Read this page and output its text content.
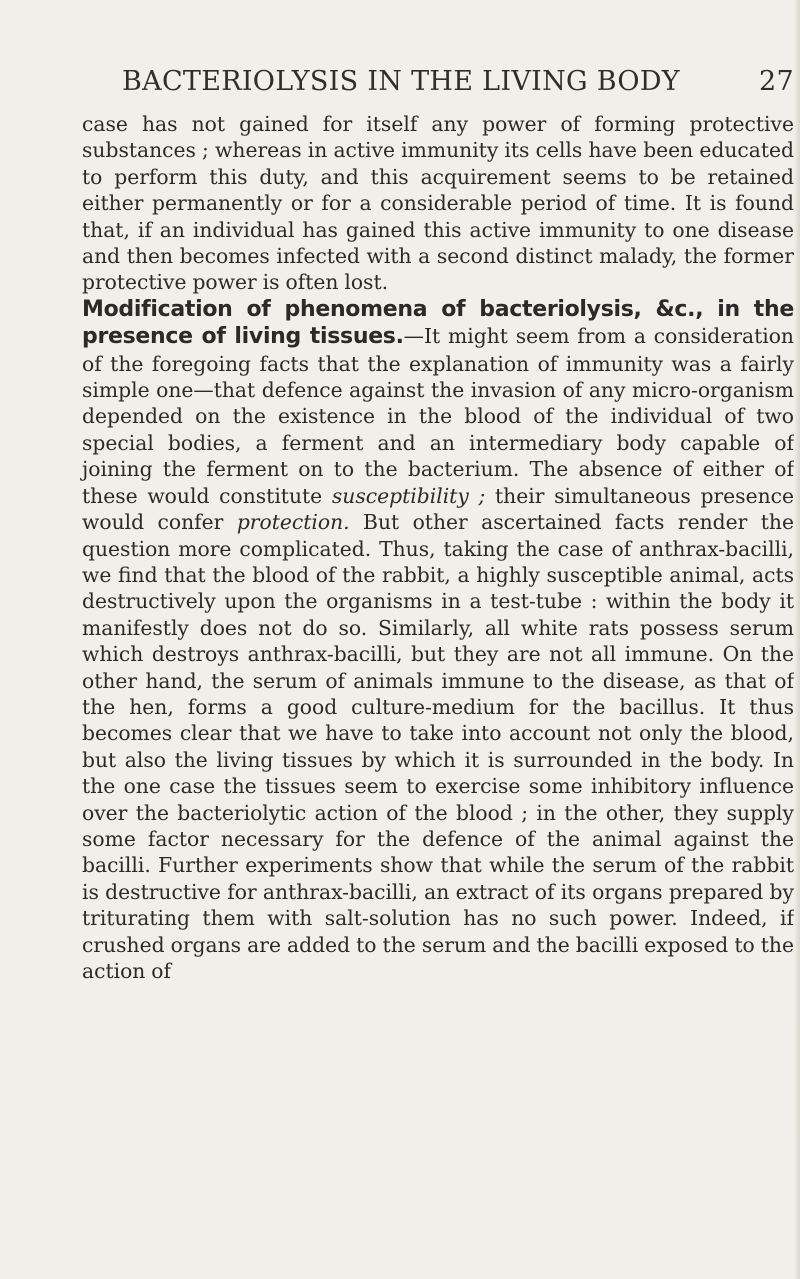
BACTERIOLYSIS IN THE LIVING BODY	27

case has not gained for itself any power of forming protective substances ; whereas in active immunity its cells have been educated to perform this duty, and this acquirement seems to be retained either permanently or for a considerable period of time. It is found that, if an individual has gained this active immunity to one disease and then becomes infected with a second distinct malady, the former protective power is often lost.

Modification of phenomena of bacteriolysis, &c., in the presence of living tissues.—It might seem from a consideration of the foregoing facts that the explanation of immunity was a fairly simple one—that defence against the invasion of any micro-organism depended on the existence in the blood of the individual of two special bodies, a ferment and an intermediary body capable of joining the ferment on to the bacterium. The absence of either of these would constitute susceptibility ; their simultaneous presence would confer protection. But other ascertained facts render the question more complicated. Thus, taking the case of anthrax-bacilli, we find that the blood of the rabbit, a highly susceptible animal, acts destructively upon the organisms in a test-tube : within the body it manifestly does not do so. Similarly, all white rats possess serum which destroys anthrax-bacilli, but they are not all immune. On the other hand, the serum of animals immune to the disease, as that of the hen, forms a good culture-medium for the bacillus. It thus becomes clear that we have to take into account not only the blood, but also the living tissues by which it is surrounded in the body. In the one case the tissues seem to exercise some inhibitory influence over the bacteriolytic action of the blood ; in the other, they supply some factor necessary for the defence of the animal against the bacilli. Further experiments show that while the serum of the rabbit is destructive for anthrax-bacilli, an extract of its organs prepared by triturating them with salt-solution has no such power. Indeed, if crushed organs are added to the serum and the bacilli exposed to the action of
